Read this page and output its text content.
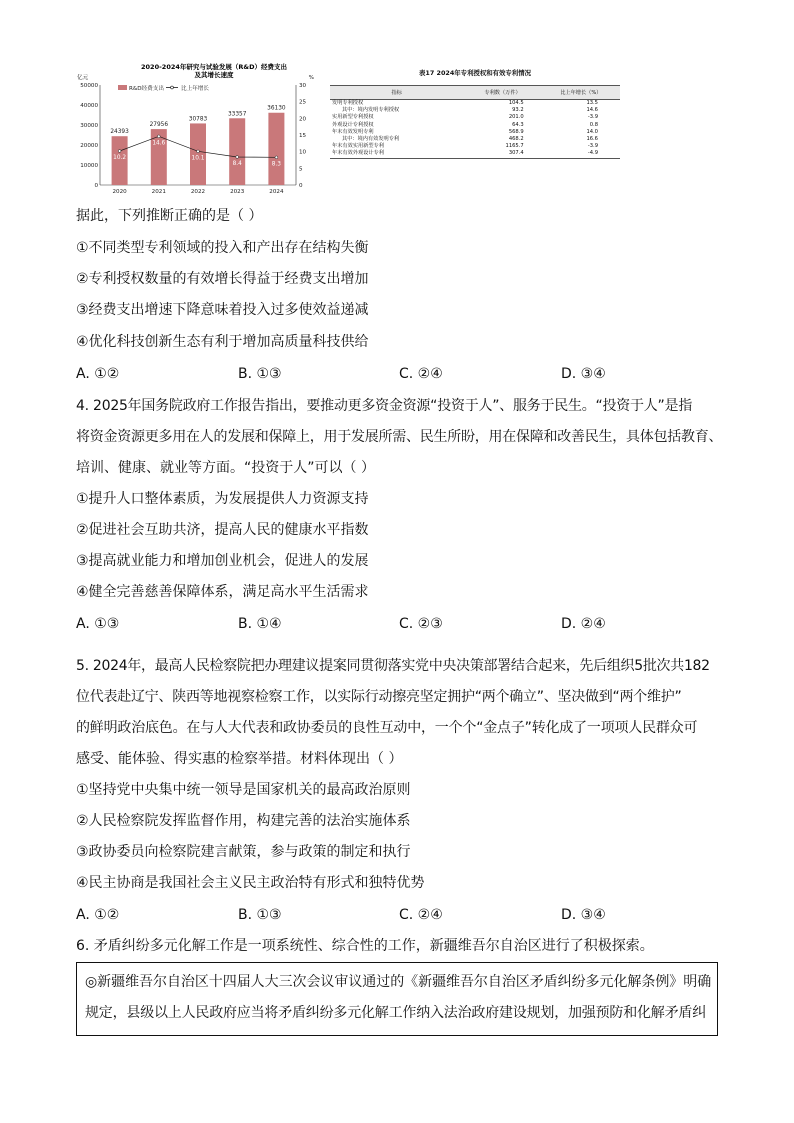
2020-2024年研究与试验发展（R&D）经费支出
及其增长速度
亿元	%
R&D经费支出	比上年增长
0
10000
20000
30000
40000
50000
0
5
10
15
20
25
30
24393
2020
27956
2021
30783
2022
33357
2023
36130
2024
10.2
14.6
10.1
8.4	8.3
表17 2024年专利授权和有效专利情况
指标	专利数（万件）	比上年增长（%）
发明专利授权	104.5	13.5
其中：境内发明专利授权	93.2	14.6
实用新型专利授权	201.0	-3.9
外观设计专利授权	64.3	0.8
年末有效发明专利	568.9	14.0
其中：境内有效发明专利	468.2	16.6
年末有效实用新型专利	1165.7	-3.9
年末有效外观设计专利	307.4	-4.9
据此，下列推断正确的是（ ）
①不同类型专利领域的投入和产出存在结构失衡
②专利授权数量的有效增长得益于经费支出增加
③经费支出增速下降意味着投入过多使效益递减
④优化科技创新生态有利于增加高质量科技供给
A. ①②	B. ①③	C. ②④	D. ③④
4. 2025年国务院政府工作报告指出，要推动更多资金资源“投资于人”、服务于民生。“投资于人”是指
将资金资源更多用在人的发展和保障上，用于发展所需、民生所盼，用在保障和改善民生，具体包括教育、
培训、健康、就业等方面。“投资于人”可以（ ）
①提升人口整体素质，为发展提供人力资源支持
②促进社会互助共济，提高人民的健康水平指数
③提高就业能力和增加创业机会，促进人的发展
④健全完善慈善保障体系，满足高水平生活需求
A. ①③	B. ①④	C. ②③	D. ②④
5. 2024年，最高人民检察院把办理建议提案同贯彻落实党中央决策部署结合起来，先后组织5批次共182
位代表赴辽宁、陕西等地视察检察工作，以实际行动擦亮坚定拥护“两个确立”、坚决做到“两个维护”
的鲜明政治底色。在与人大代表和政协委员的良性互动中，一个个“金点子”转化成了一项项人民群众可
感受、能体验、得实惠的检察举措。材料体现出（ ）
①坚持党中央集中统一领导是国家机关的最高政治原则
②人民检察院发挥监督作用，构建完善的法治实施体系
③政协委员向检察院建言献策，参与政策的制定和执行
④民主协商是我国社会主义民主政治特有形式和独特优势
A. ①②	B. ①③	C. ②④	D. ③④
6. 矛盾纠纷多元化解工作是一项系统性、综合性的工作，新疆维吾尔自治区进行了积极探索。
◎新疆维吾尔自治区十四届人大三次会议审议通过的《新疆维吾尔自治区矛盾纠纷多元化解条例》明确规定，县级以上人民政府应当将矛盾纠纷多元化解工作纳入法治政府建设规划，加强预防和化解矛盾纠
